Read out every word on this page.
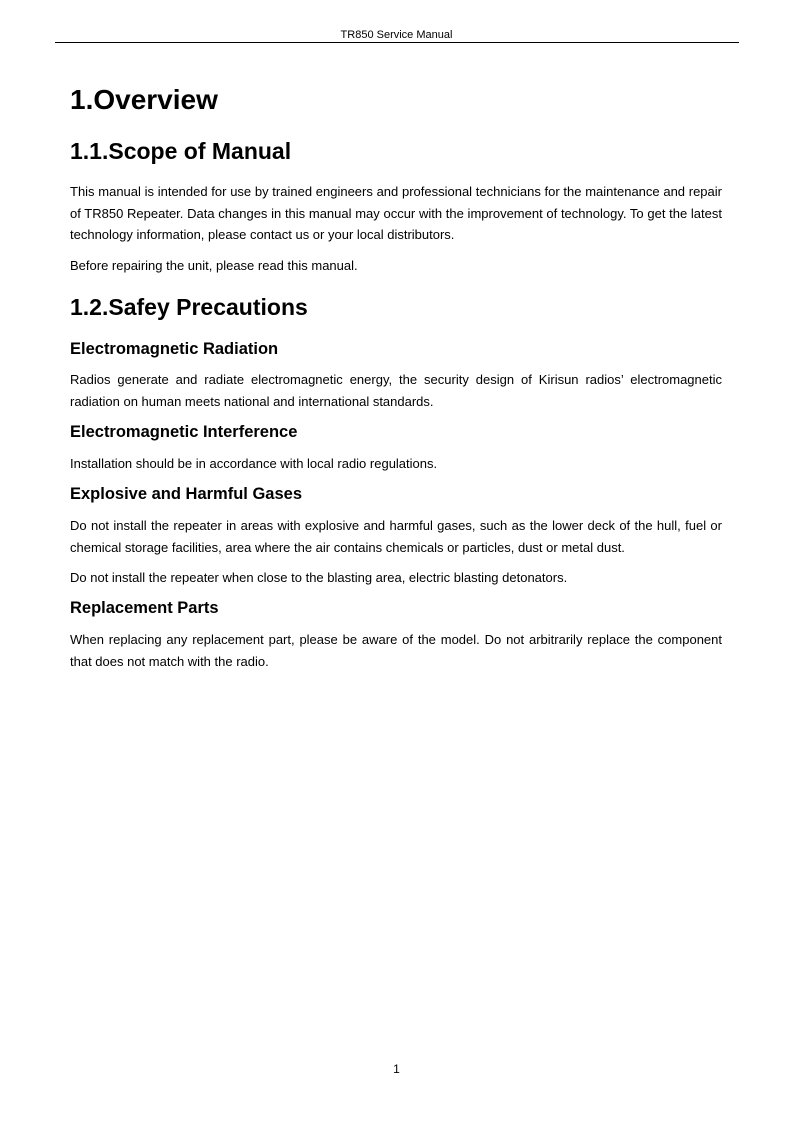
TR850 Service Manual
1.Overview
1.1.Scope of Manual

This manual is intended for use by trained engineers and professional technicians for the maintenance and repair of TR850 Repeater. Data changes in this manual may occur with the improvement of technology. To get the latest technology information, please contact us or your local distributors.

Before repairing the unit, please read this manual.

1.2.Safey Precautions
Electromagnetic Radiation

Radios generate and radiate electromagnetic energy, the security design of Kirisun radios’ electromagnetic radiation on human meets national and international standards.

Electromagnetic Interference

Installation should be in accordance with local radio regulations.

Explosive and Harmful Gases

Do not install the repeater in areas with explosive and harmful gases, such as the lower deck of the hull, fuel or chemical storage facilities, area where the air contains chemicals or particles, dust or metal dust.

Do not install the repeater when close to the blasting area, electric blasting detonators.

Replacement Parts

When replacing any replacement part, please be aware of the model. Do not arbitrarily replace the component that does not match with the radio.

1
